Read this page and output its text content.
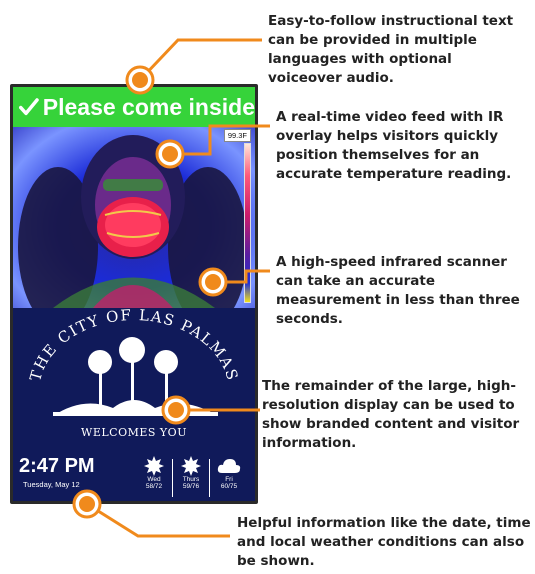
Easy-to-follow instructional text can be provided in multiple languages with optional voiceover audio.

A real-time video feed with IR overlay helps visitors quickly position themselves for an accurate temperature reading.

A high-speed infrared scanner can take an accurate measurement in less than three seconds.

The remainder of the large, high-resolution display can be used to show branded content and visitor information.

Helpful information like the date, time and local weather conditions can also be shown.

Please come inside
99.3F
THE CITY OF LAS PALMAS
WELCOMES YOU
2:47 PM
Tuesday, May 12
Wed
58/72
Thurs
59/76
Fri
60/75
